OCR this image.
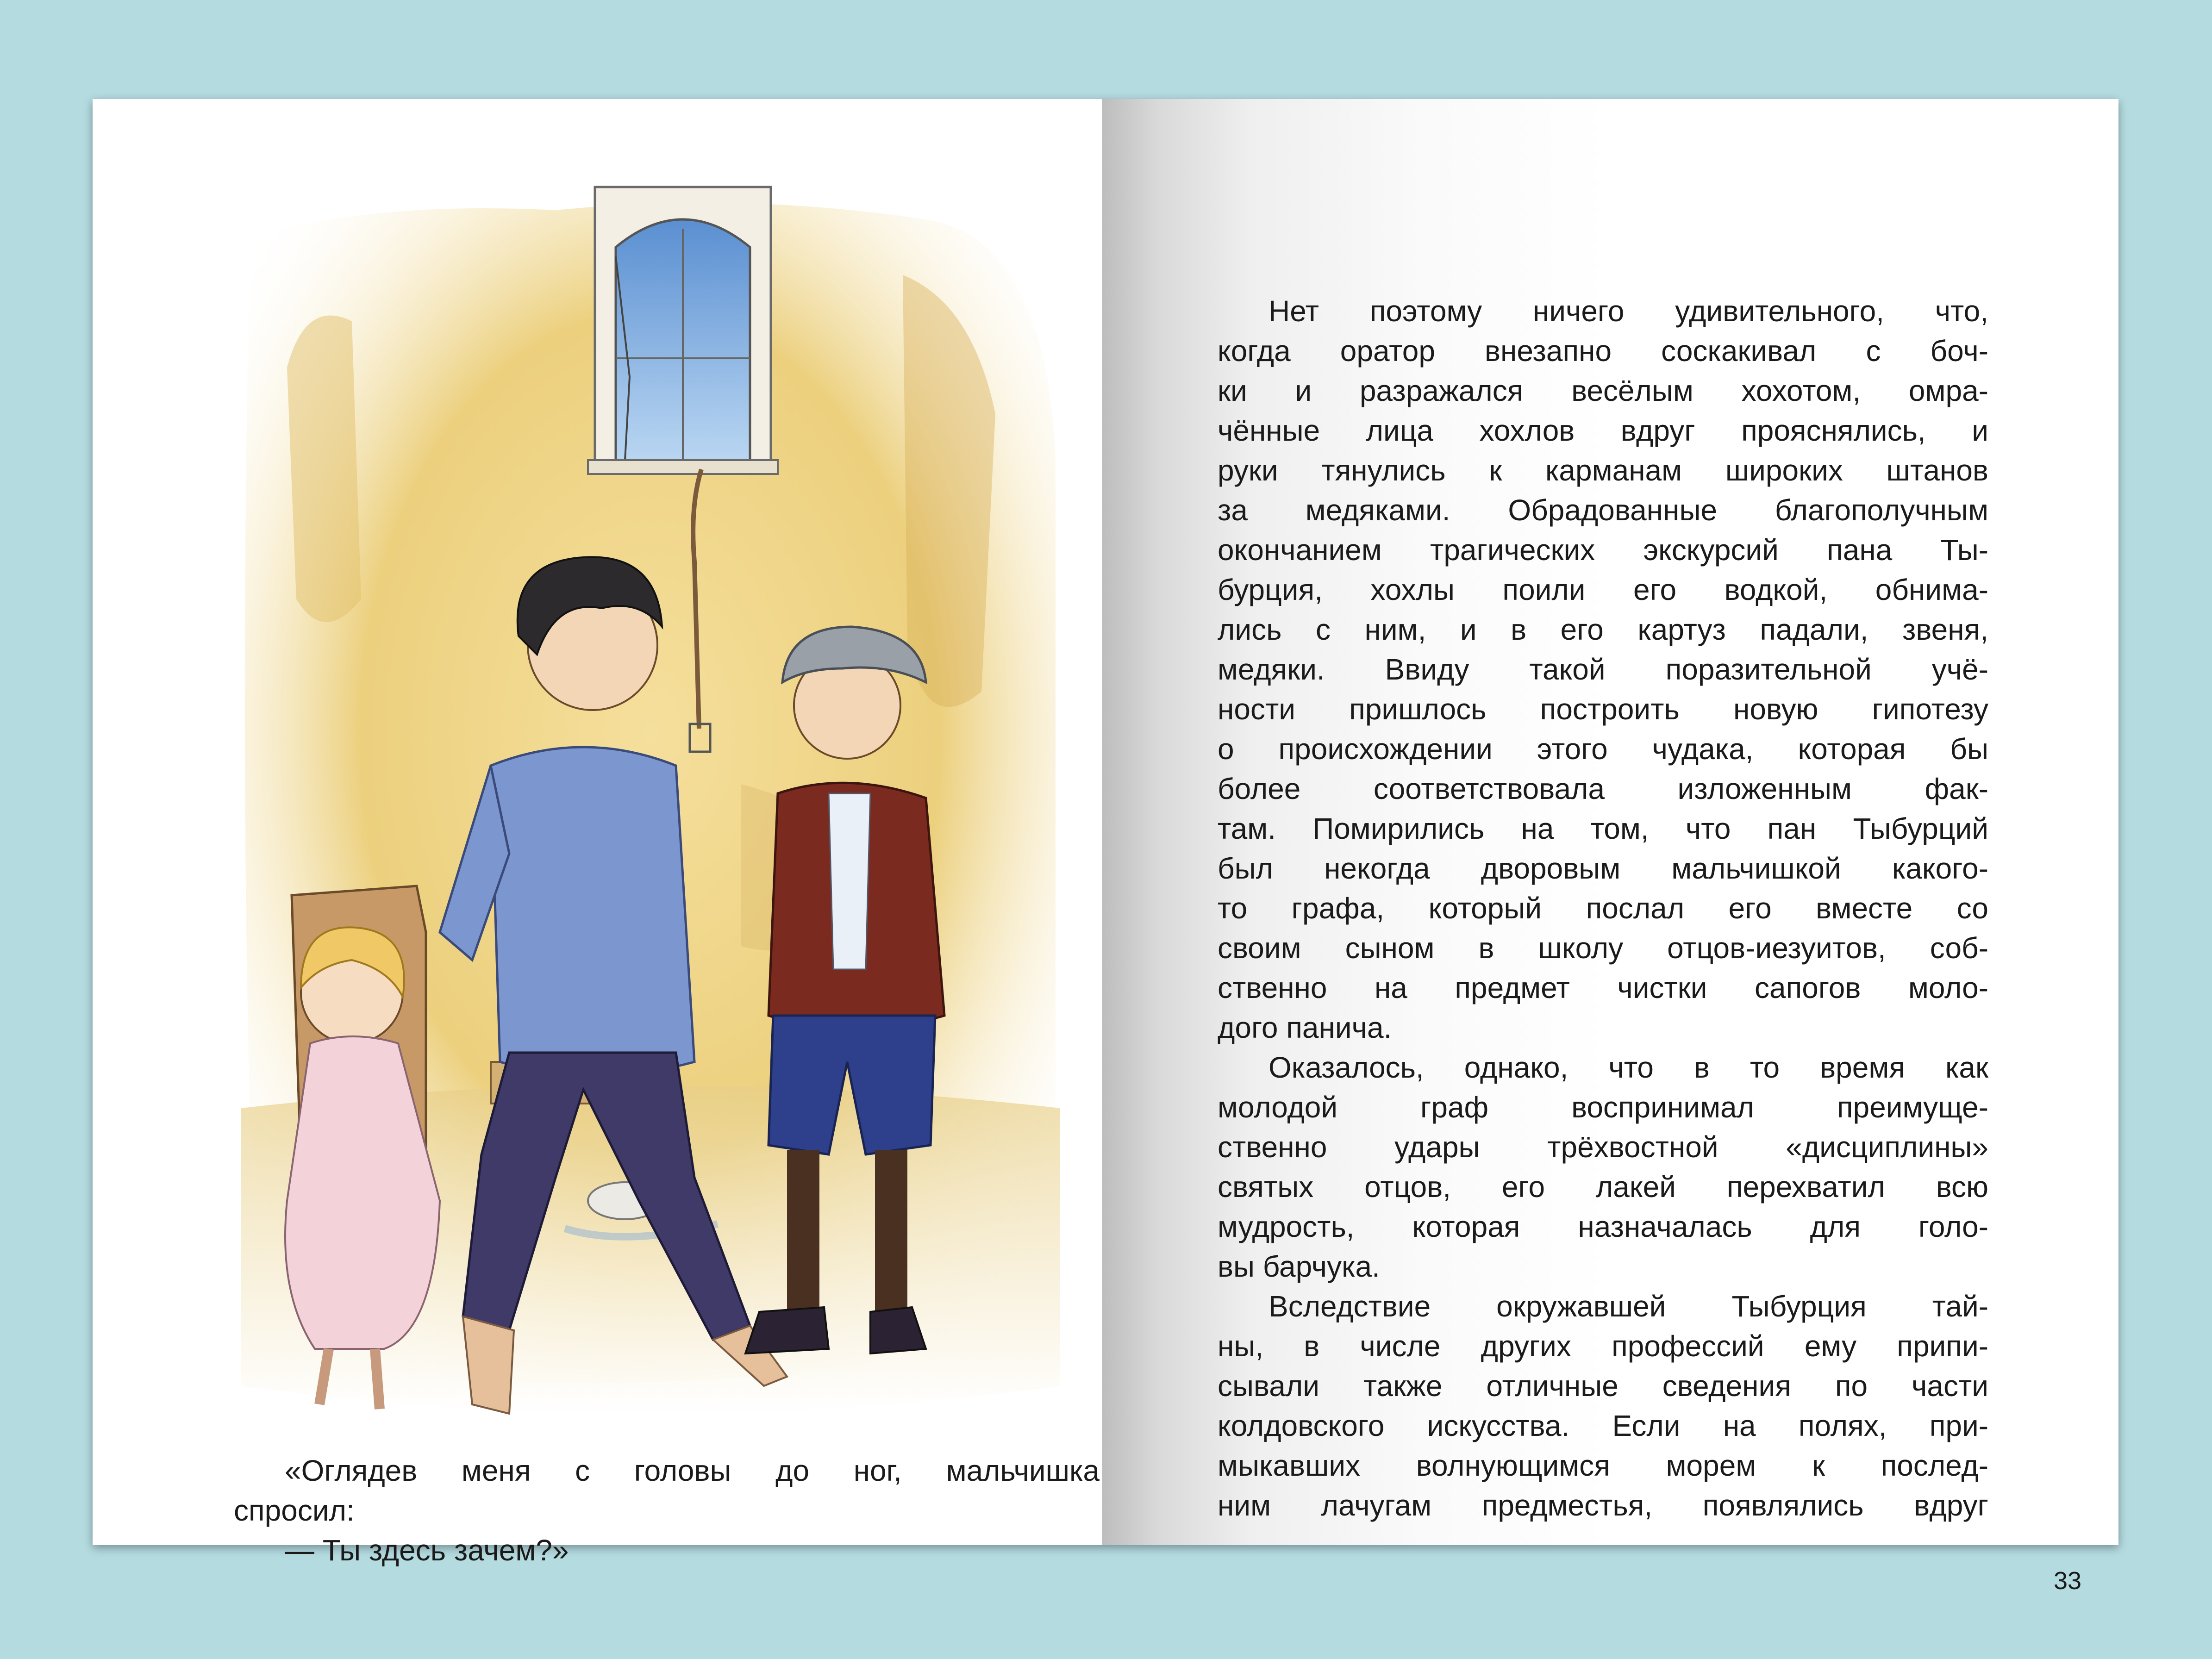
«Оглядев меня с головы до ног, мальчишка
спросил:
— Ты здесь зачем?»

Нет поэтому ничего удивительного, что,
когда оратор внезапно соскакивал с боч-
ки и разражался весёлым хохотом, омра-
чённые лица хохлов вдруг прояснялись, и
руки тянулись к карманам широких штанов
за медяками. Обрадованные благополучным
окончанием трагических экскурсий пана Ты-
бурция, хохлы поили его водкой, обнима-
лись с ним, и в его картуз падали, звеня,
медяки. Ввиду такой поразительной учё-
ности пришлось построить новую гипотезу
о происхождении этого чудака, которая бы
более соответствовала изложенным фак-
там. Помирились на том, что пан Тыбурций
был некогда дворовым мальчишкой какого-
то графа, который послал его вместе со
своим сыном в школу отцов-иезуитов, соб-
ственно на предмет чистки сапогов моло-
дого панича.
Оказалось, однако, что в то время как
молодой граф воспринимал преимуще-
ственно удары трёхвостной «дисциплины»
святых отцов, его лакей перехватил всю
мудрость, которая назначалась для голо-
вы барчука.
Вследствие окружавшей Тыбурция тай-
ны, в числе других профессий ему припи-
сывали также отличные сведения по части
колдовского искусства. Если на полях, при-
мыкавших волнующимся морем к послед-
ним лачугам предместья, появлялись вдруг
33
